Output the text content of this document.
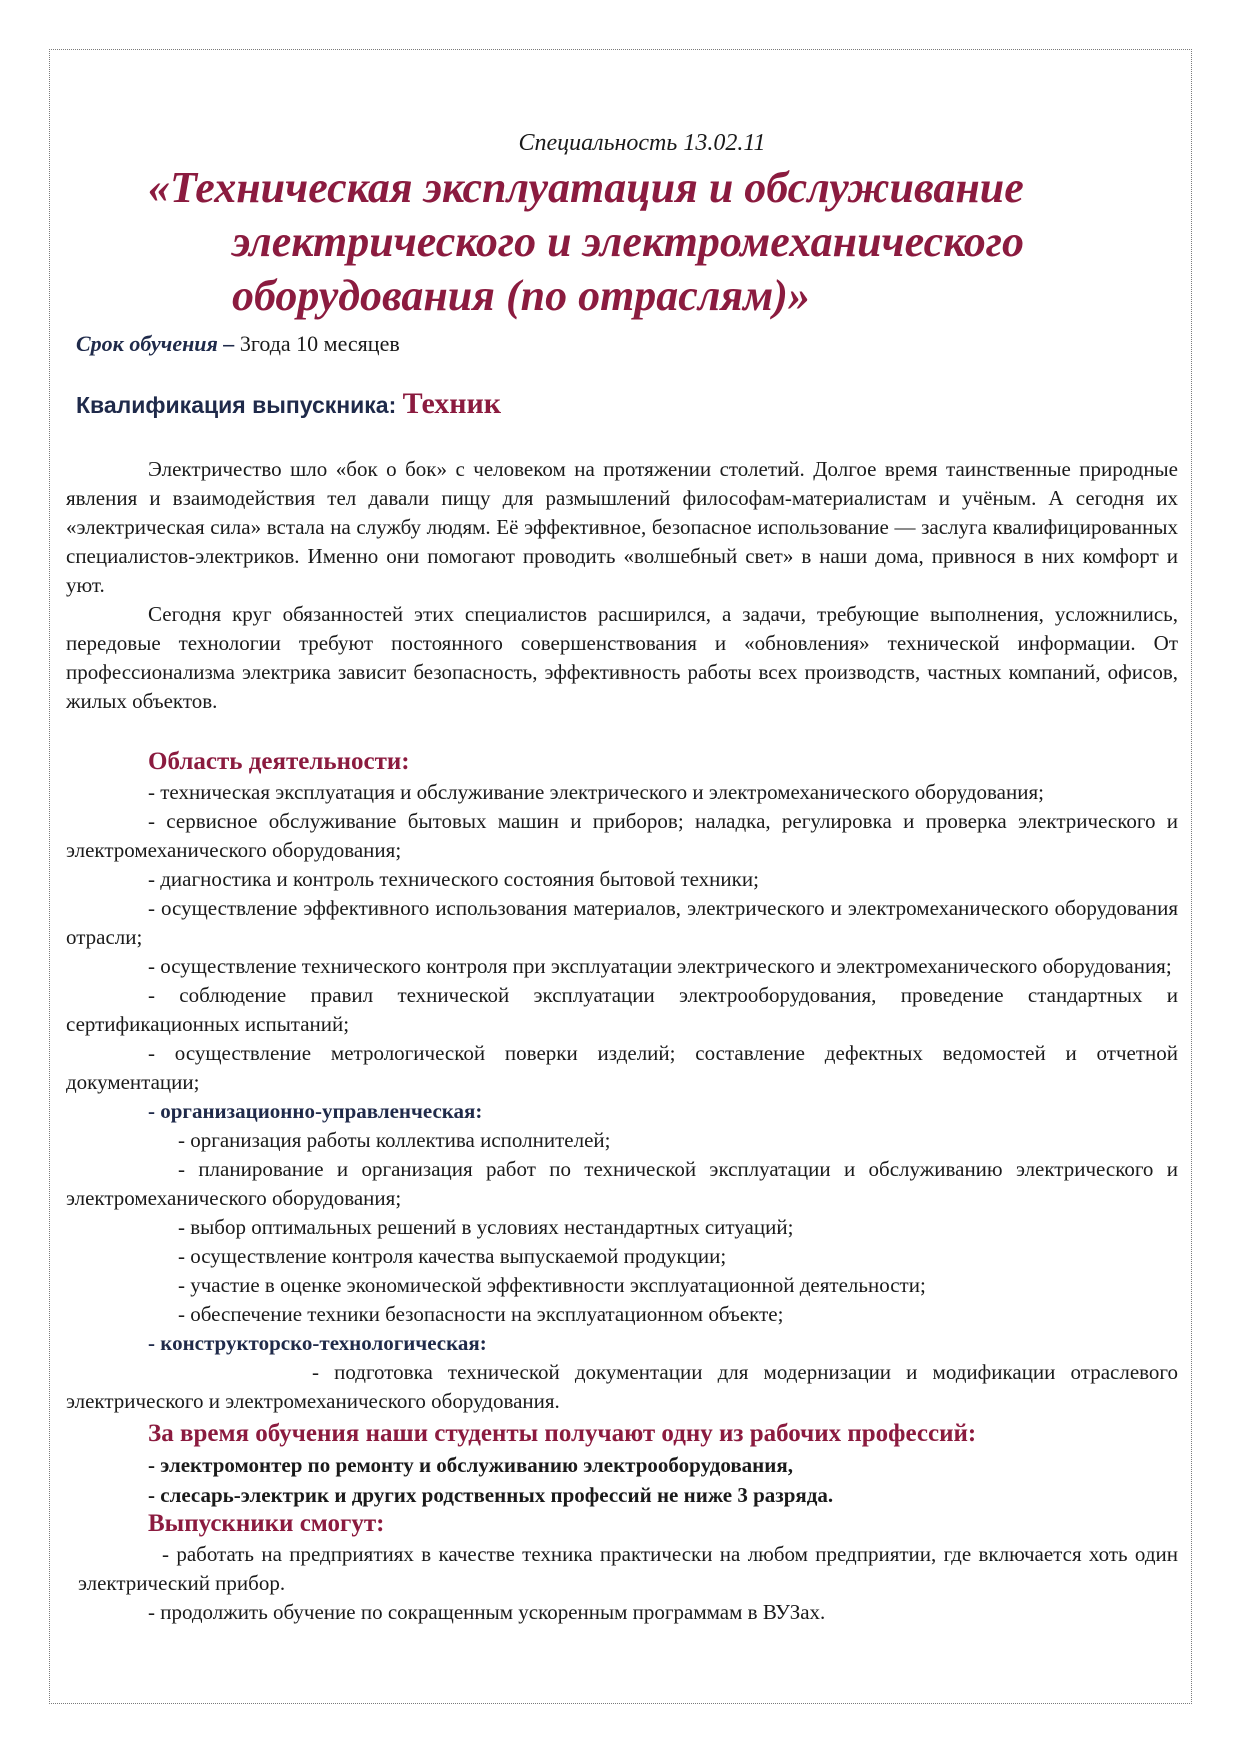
Специальность 13.02.11

«Техническая эксплуатация и обслуживание
электрического и электромеханического
оборудования (по отраслям)»

Срок обучения – 3года 10 месяцев

Квалификация выпускника: Техник

Электричество шло «бок о бок» с человеком на протяжении столетий. Долгое время таинственные природные явления и взаимодействия тел давали пищу для размышлений философам-материалистам и учёным. А сегодня их «электрическая сила» встала на службу людям. Её эффективное, безопасное использование — заслуга квалифицированных специалистов-электриков. Именно они помогают проводить «волшебный свет» в наши дома, привнося в них комфорт и уют.

Сегодня круг обязанностей этих специалистов расширился, а задачи, требующие выполнения, усложнились, передовые технологии требуют постоянного совершенствования и «обновления» технической информации. От профессионализма электрика зависит безопасность, эффективность работы всех производств, частных компаний, офисов, жилых объектов.

Область деятельности:

- техническая эксплуатация и обслуживание электрического и электромеханического оборудования;

- сервисное обслуживание бытовых машин и приборов; наладка, регулировка и проверка электрического и электромеханического оборудования;

- диагностика и контроль технического состояния бытовой техники;

- осуществление эффективного использования материалов, электрического и электромеханического оборудования отрасли;

- осуществление технического контроля при эксплуатации электрического и электромеханического оборудования;

- соблюдение правил технической эксплуатации электрооборудования, проведение стандартных и сертификационных испытаний;

- осуществление метрологической поверки изделий; составление дефектных ведомостей и отчетной документации;

- организационно-управленческая:

- организация работы коллектива исполнителей;

- планирование и организация работ по технической эксплуатации и обслуживанию электрического и электромеханического оборудования;

- выбор оптимальных решений в условиях нестандартных ситуаций;

- осуществление контроля качества выпускаемой продукции;

- участие в оценке экономической эффективности эксплуатационной деятельности;

- обеспечение техники безопасности на эксплуатационном объекте;

- конструкторско-технологическая:

- подготовка технической документации для модернизации и модификации отраслевого электрического и электромеханического оборудования.

За время обучения наши студенты получают одну из рабочих профессий:

- электромонтер по ремонту и обслуживанию электрооборудования,

- слесарь-электрик и других родственных профессий не ниже 3 разряда.

Выпускники смогут:

- работать на предприятиях в качестве техника практически на любом предприятии, где включается хоть один электрический прибор.

- продолжить обучение по сокращенным ускоренным программам в ВУЗах.
